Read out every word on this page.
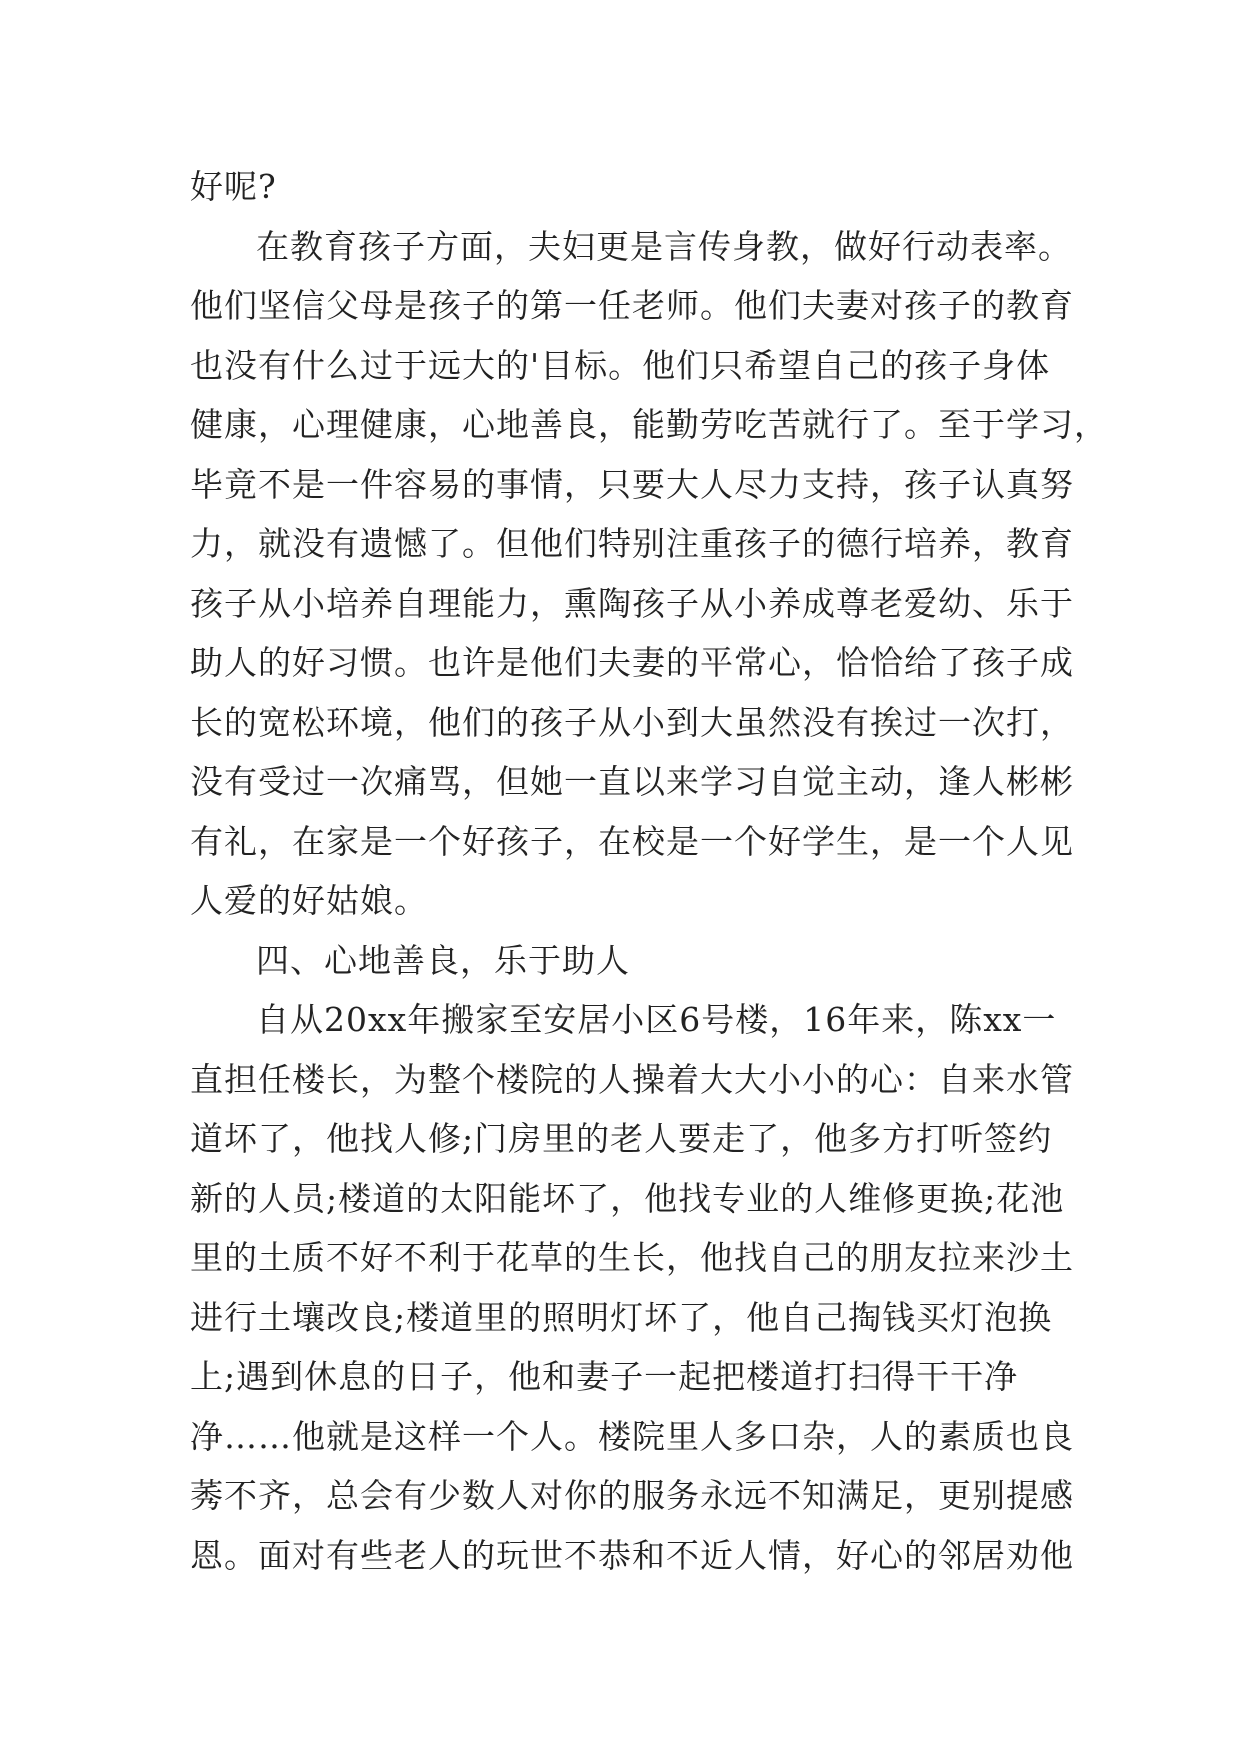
好呢?
在教育孩子方面，夫妇更是言传身教，做好行动表率。
他们坚信父母是孩子的第一任老师。他们夫妻对孩子的教育
也没有什么过于远大的'目标。他们只希望自己的孩子身体
健康，心理健康，心地善良，能勤劳吃苦就行了。至于学习，
毕竟不是一件容易的事情，只要大人尽力支持，孩子认真努
力，就没有遗憾了。但他们特别注重孩子的德行培养，教育
孩子从小培养自理能力，熏陶孩子从小养成尊老爱幼、乐于
助人的好习惯。也许是他们夫妻的平常心，恰恰给了孩子成
长的宽松环境，他们的孩子从小到大虽然没有挨过一次打，
没有受过一次痛骂，但她一直以来学习自觉主动，逢人彬彬
有礼，在家是一个好孩子，在校是一个好学生，是一个人见
人爱的好姑娘。
四、心地善良，乐于助人
自从20xx年搬家至安居小区6号楼，16年来，陈xx一
直担任楼长，为整个楼院的人操着大大小小的心：自来水管
道坏了，他找人修;门房里的老人要走了，他多方打听签约
新的人员;楼道的太阳能坏了，他找专业的人维修更换;花池
里的土质不好不利于花草的生长，他找自己的朋友拉来沙土
进行土壤改良;楼道里的照明灯坏了，他自己掏钱买灯泡换
上;遇到休息的日子，他和妻子一起把楼道打扫得干干净
净……他就是这样一个人。楼院里人多口杂，人的素质也良
莠不齐，总会有少数人对你的服务永远不知满足，更别提感
恩。面对有些老人的玩世不恭和不近人情，好心的邻居劝他
